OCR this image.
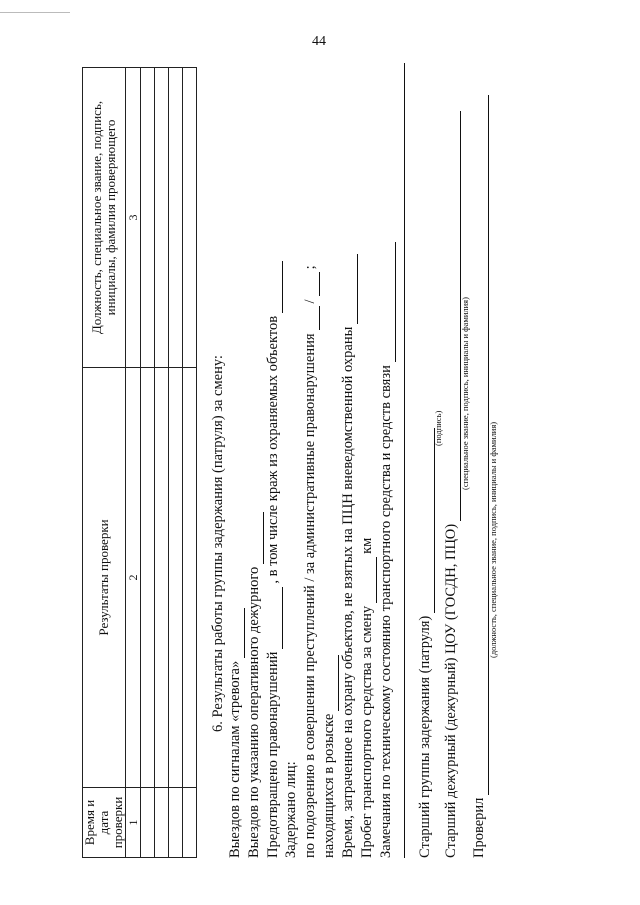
44
Время и дата проверки	Результаты проверки	Должность, специальное звание, подпись, инициалы, фамилия проверяющего
1	2	3

6. Результаты работы группы задержания (патруля) за смену:
Выездов по сигналам «тревога» Выездов по указанию оперативного дежурного Предотвращено правонарушений
, в том числе краж из охраняемых объектов
Задержано лиц: по подозрению в совершении преступлений / за административные правонарушения
/
;
находящихся в розыске Время, затраченное на охрану объектов, не взятых на ПЦН вневедомственной охраны Пробег транспортного средства за смену
км Замечания по техническому состоянию транспортного средства и средств связи Старший группы задержания (патруля)
(подпись)
Старший дежурный (дежурный) ЦОУ (ГОСДН, ПЦО)
(специальное звание, подпись, инициалы и фамилия)
Проверил
(должность, специальное звание, подпись, инициалы и фамилия)
